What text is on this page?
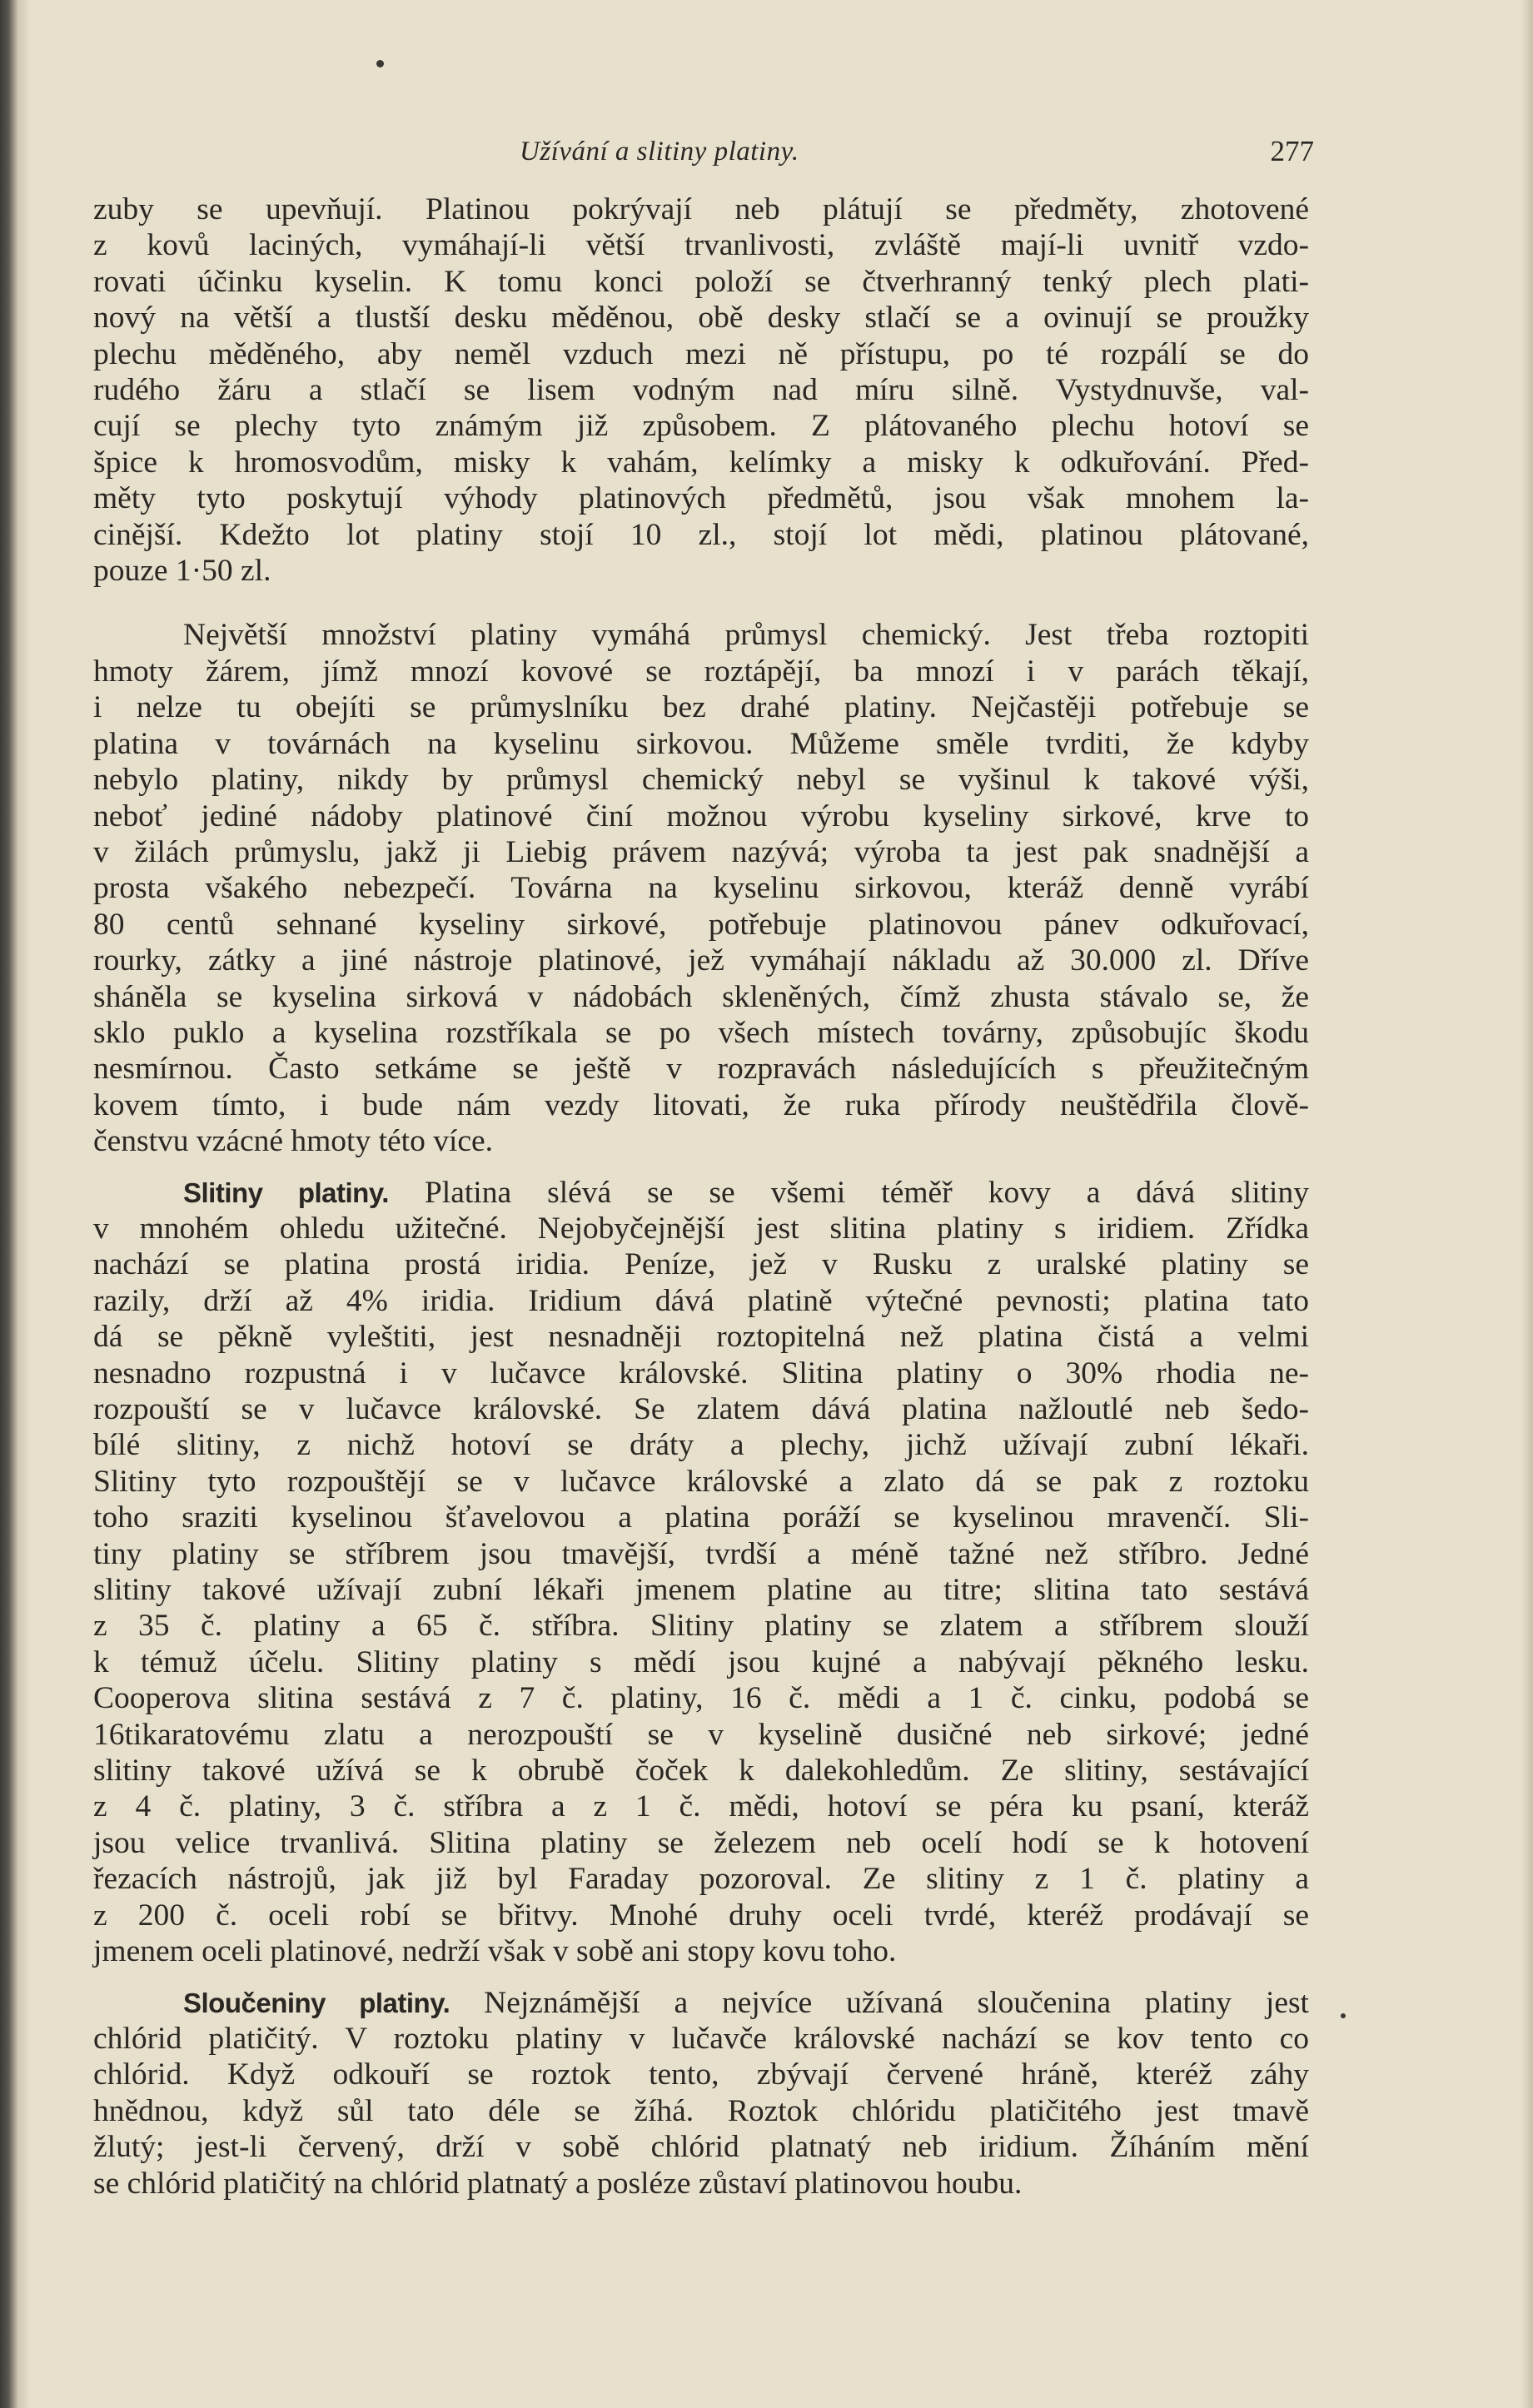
Užívání a slitiny platiny.	277

zuby se upevňují. Platinou pokrývají neb plátují se předměty, zhotovené
z kovů laciných, vymáhají-li větší trvanlivosti, zvláště mají-li uvnitř vzdo-
rovati účinku kyselin. K tomu konci položí se čtverhranný tenký plech plati-
nový na větší a tlustší desku měděnou, obě desky stlačí se a ovinují se proužky
plechu měděného, aby neměl vzduch mezi ně přístupu, po té rozpálí se do
rudého žáru a stlačí se lisem vodným nad míru silně. Vystydnuvše, val-
cují se plechy tyto známým již způsobem. Z plátovaného plechu hotoví se
špice k hromosvodům, misky k vahám, kelímky a misky k odkuřování. Před-
měty tyto poskytují výhody platinových předmětů, jsou však mnohem la-
cinější. Kdežto lot platiny stojí 10 zl., stojí lot mědi, platinou plátované,
pouze 1·50 zl.

Největší množství platiny vymáhá průmysl chemický. Jest třeba roztopiti
hmoty žárem, jímž mnozí kovové se roztápějí, ba mnozí i v parách těkají,
i nelze tu obejíti se průmyslníku bez drahé platiny. Nejčastěji potřebuje se
platina v továrnách na kyselinu sirkovou. Můžeme směle tvrditi, že kdyby
nebylo platiny, nikdy by průmysl chemický nebyl se vyšinul k takové výši,
neboť jediné nádoby platinové činí možnou výrobu kyseliny sirkové, krve to
v žilách průmyslu, jakž ji Liebig právem nazývá; výroba ta jest pak snadnější a
prosta všakého nebezpečí. Továrna na kyselinu sirkovou, kteráž denně vyrábí
80 centů sehnané kyseliny sirkové, potřebuje platinovou pánev odkuřovací,
rourky, zátky a jiné nástroje platinové, jež vymáhají nákladu až 30.000 zl. Dříve
sháněla se kyselina sirková v nádobách skleněných, čímž zhusta stávalo se, že
sklo puklo a kyselina rozstříkala se po všech místech továrny, způsobujíc škodu
nesmírnou. Často setkáme se ještě v rozpravách následujících s přeužitečným
kovem tímto, i bude nám vezdy litovati, že ruka přírody neuštědřila člově-
čenstvu vzácné hmoty této více.

Slitiny platiny. Platina slévá se se všemi téměř kovy a dává slitiny
v mnohém ohledu užitečné. Nejobyčejnější jest slitina platiny s iridiem. Zřídka
nachází se platina prostá iridia. Peníze, jež v Rusku z uralské platiny se
razily, drží až 4% iridia. Iridium dává platině výtečné pevnosti; platina tato
dá se pěkně vyleštiti, jest nesnadněji roztopitelná než platina čistá a velmi
nesnadno rozpustná i v lučavce královské. Slitina platiny o 30% rhodia ne-
rozpouští se v lučavce královské. Se zlatem dává platina nažloutlé neb šedo-
bílé slitiny, z nichž hotoví se dráty a plechy, jichž užívají zubní lékaři.
Slitiny tyto rozpouštějí se v lučavce královské a zlato dá se pak z roztoku
toho sraziti kyselinou šťavelovou a platina poráží se kyselinou mravenčí. Sli-
tiny platiny se stříbrem jsou tmavější, tvrdší a méně tažné než stříbro. Jedné
slitiny takové užívají zubní lékaři jmenem platine au titre; slitina tato sestává
z 35 č. platiny a 65 č. stříbra. Slitiny platiny se zlatem a stříbrem slouží
k témuž účelu. Slitiny platiny s mědí jsou kujné a nabývají pěkného lesku.
Cooperova slitina sestává z 7 č. platiny, 16 č. mědi a 1 č. cinku, podobá se
16tikaratovému zlatu a nerozpouští se v kyselině dusičné neb sirkové; jedné
slitiny takové užívá se k obrubě čoček k dalekohledům. Ze slitiny, sestávající
z 4 č. platiny, 3 č. stříbra a z 1 č. mědi, hotoví se péra ku psaní, kteráž
jsou velice trvanlivá. Slitina platiny se železem neb ocelí hodí se k hotovení
řezacích nástrojů, jak již byl Faraday pozoroval. Ze slitiny z 1 č. platiny a
z 200 č. oceli robí se břitvy. Mnohé druhy oceli tvrdé, kteréž prodávají se
jmenem oceli platinové, nedrží však v sobě ani stopy kovu toho.

Sloučeniny platiny. Nejznámější a nejvíce užívaná sloučenina platiny jest
chlórid platičitý. V roztoku platiny v lučavče královské nachází se kov tento co
chlórid. Když odkouří se roztok tento, zbývají červené hráně, kteréž záhy
hnědnou, když sůl tato déle se žíhá. Roztok chlóridu platičitého jest tmavě
žlutý; jest-li červený, drží v sobě chlórid platnatý neb iridium. Žíháním mění
se chlórid platičitý na chlórid platnatý a posléze zůstaví platinovou houbu.
